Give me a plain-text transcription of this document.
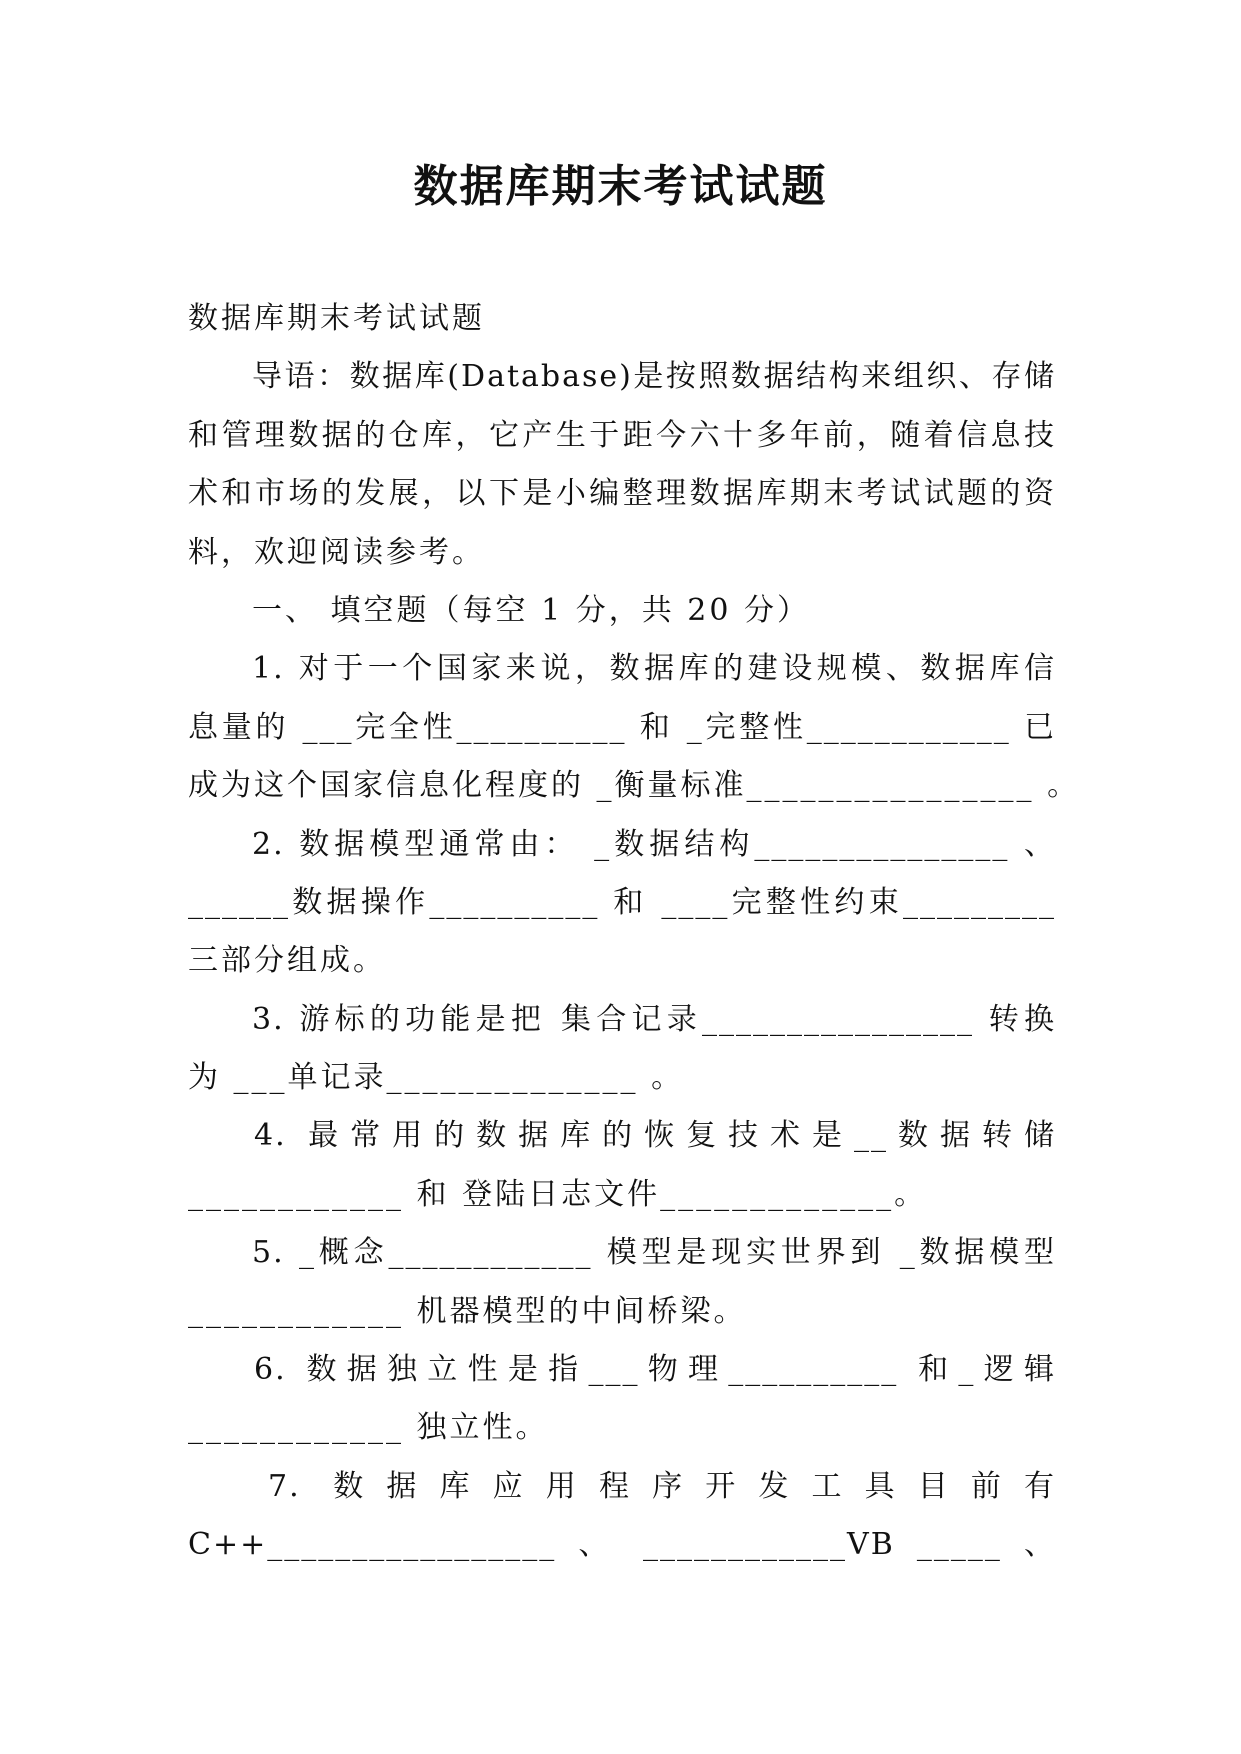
数据库期末考试试题

数据库期末考试试题

导语：数据库(Database)是按照数据结构来组织、存储

和管理数据的仓库，它产生于距今六十多年前，随着信息技

术和市场的发展，以下是小编整理数据库期末考试试题的资

料，欢迎阅读参考。

一、 填空题（每空 1 分，共 20 分）

1. 对于一个国家来说，数据库的建设规模、数据库信

息量的 ___完全性__________ 和 _完整性____________ 已

成为这个国家信息化程度的 _衡量标准________________ 。

2. 数据模型通常由： _数据结构_______________ 、

______数据操作__________ 和 ____完整性约束_________

三部分组成。

3. 游标的功能是把 集合记录________________ 转换

为 ___单记录______________ 。

4. 最常用的数据库的恢复技术是__数据转储

____________ 和 登陆日志文件_____________。

5. _概念____________ 模型是现实世界到 _数据模型

____________ 机器模型的中间桥梁。

6. 数据独立性是指___物理__________ 和_逻辑

____________ 独立性。

7. 数据库应用程序开发工具目前有

C++_________________ 、 ____________VB _____ 、
